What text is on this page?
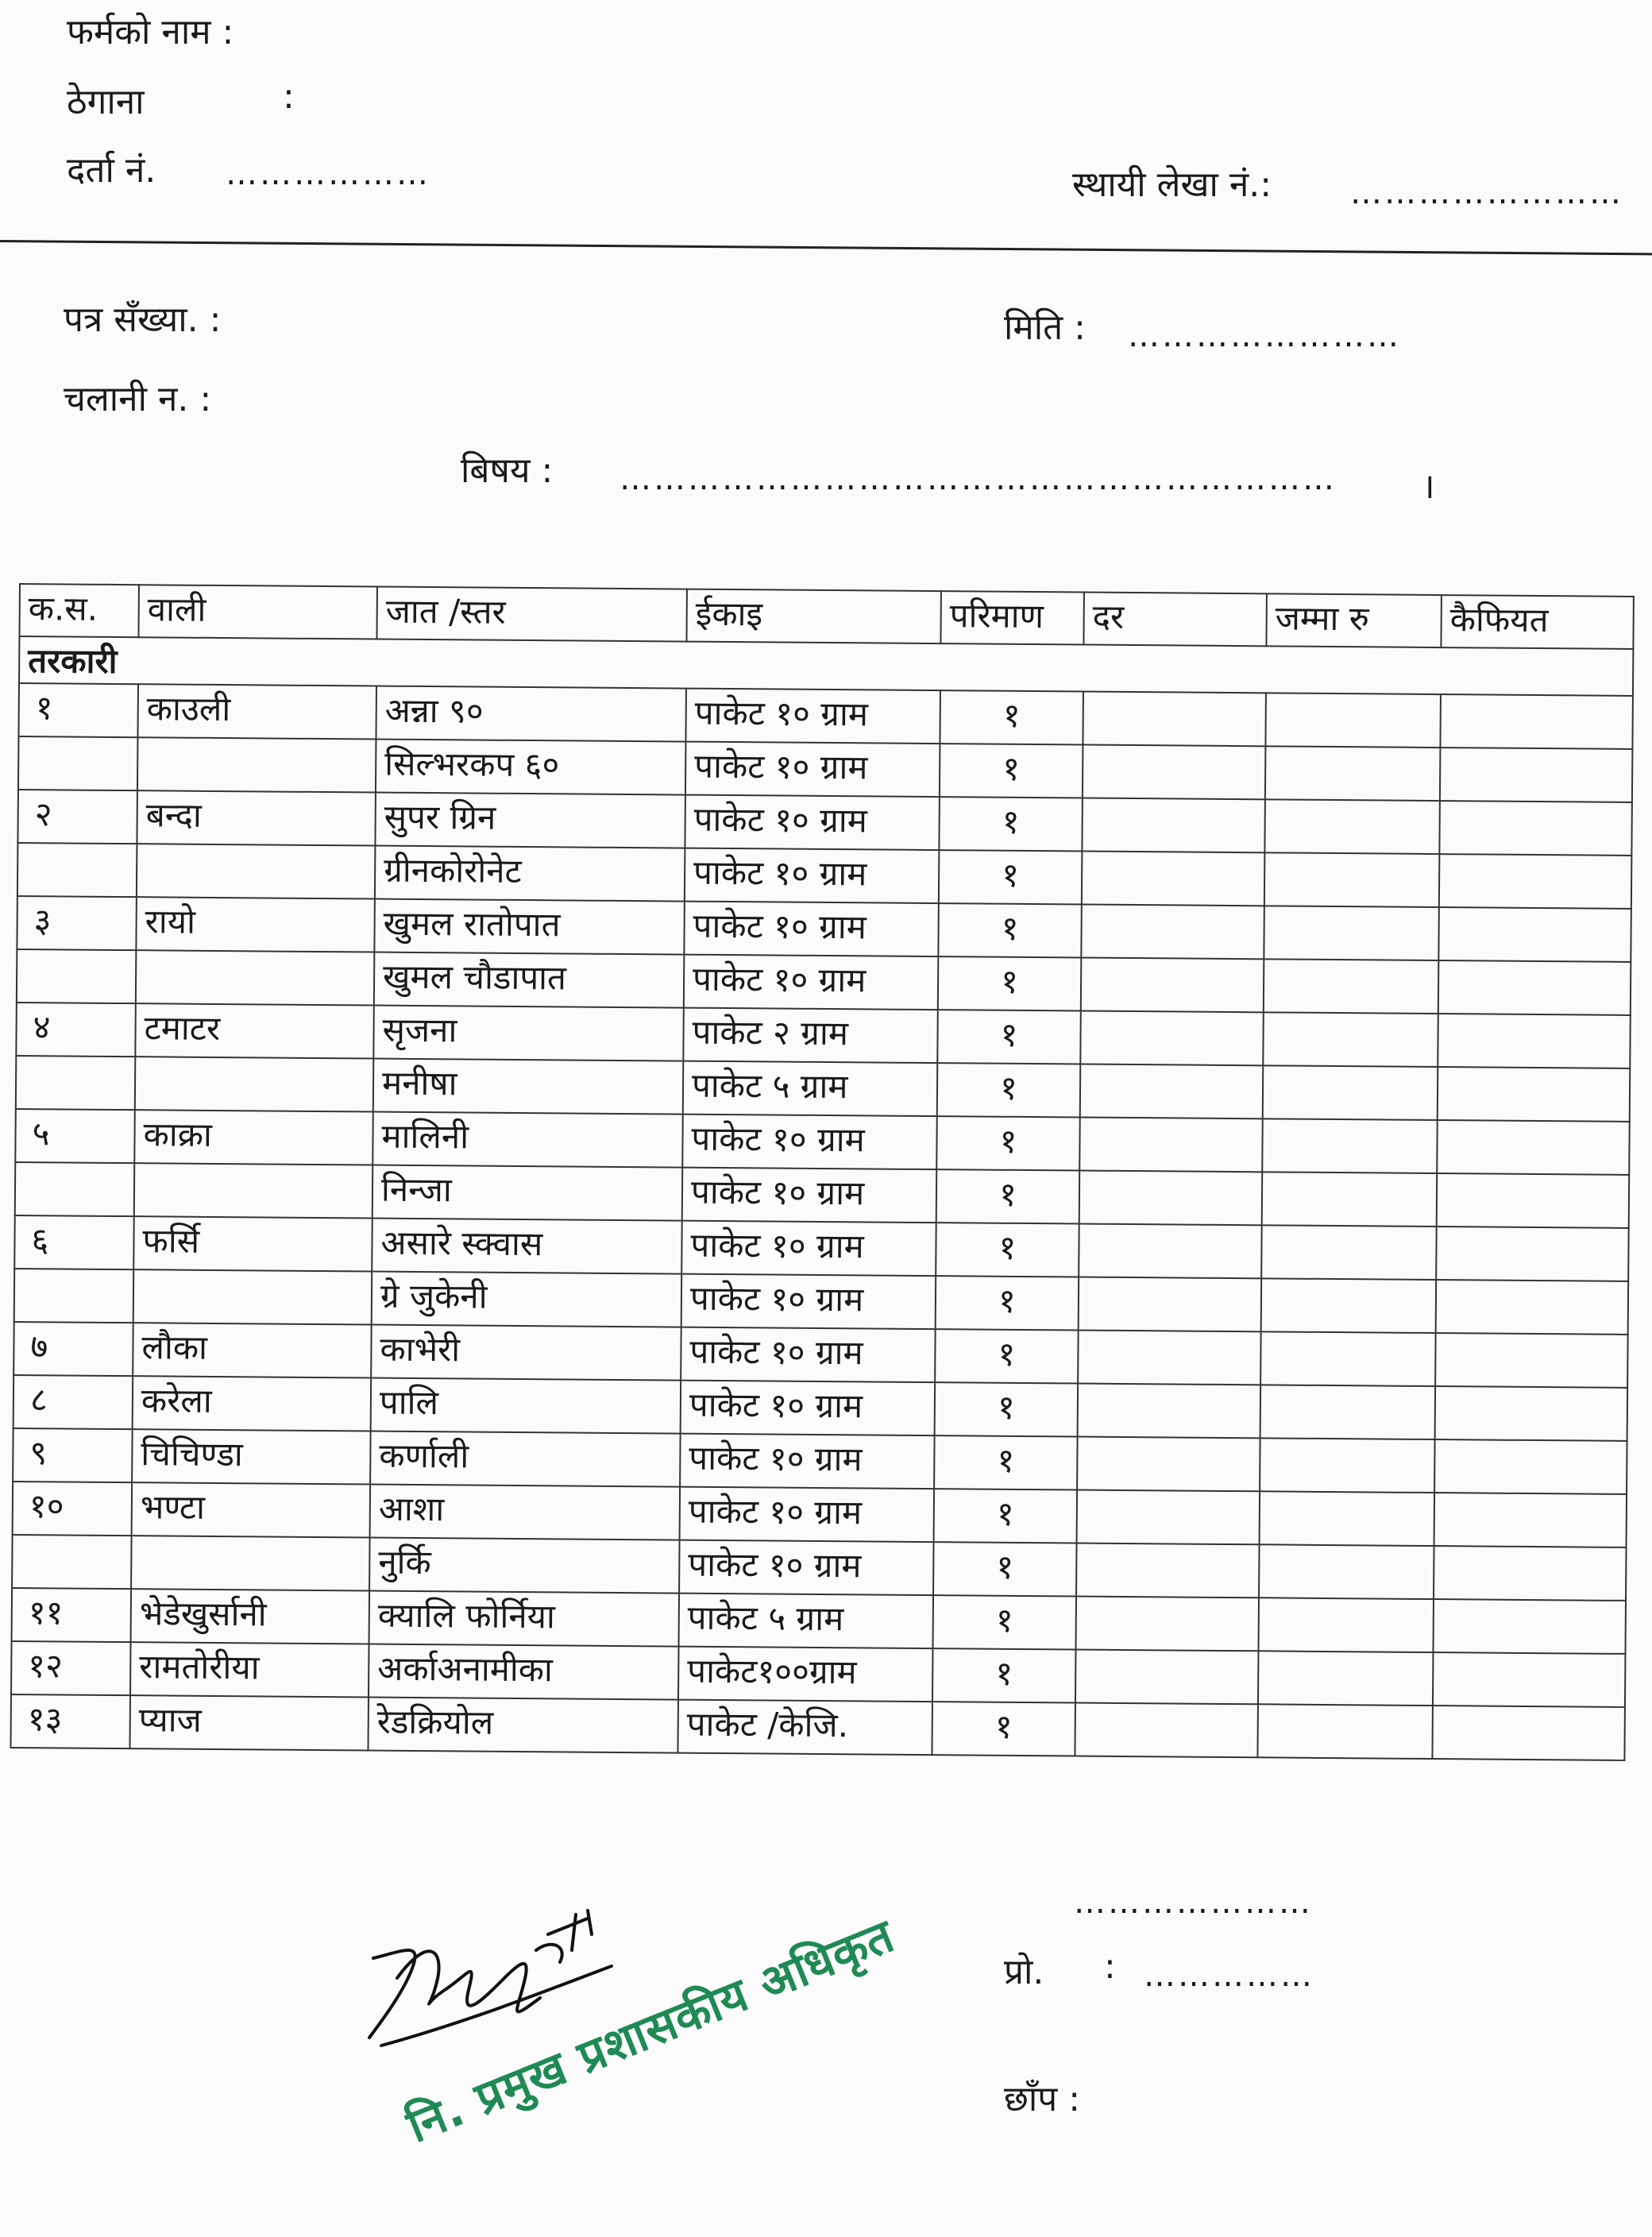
फर्मको नाम :
ठेगाना	:
दर्ता नं. ………………	स्थायी लेखा नं.: ……………………
पत्र सँख्या. :	मिति : ……………………
चलानी न. :
बिषय : ……………………………………………………… ।
क.स.	वाली	जात /स्तर	ईकाइ	परिमाण	दर	जम्मा रु	कैफियत
तरकारी							
१	काउली	अन्ना ९०	पाकेट १० ग्राम	१			
		सिल्भरकप ६०	पाकेट १० ग्राम	१			
२	बन्दा	सुपर ग्रिन	पाकेट १० ग्राम	१			
		ग्रीनकोरोनेट	पाकेट १० ग्राम	१			
३	रायो	खुमल रातोपात	पाकेट १० ग्राम	१			
		खुमल चौडापात	पाकेट १० ग्राम	१			
४	टमाटर	सृजना	पाकेट २ ग्राम	१			
		मनीषा	पाकेट ५ ग्राम	१			
५	काक्रा	मालिनी	पाकेट १० ग्राम	१			
		निन्जा	पाकेट १० ग्राम	१			
६	फर्सि	असारे स्क्वास	पाकेट १० ग्राम	१			
		ग्रे जुकेनी	पाकेट १० ग्राम	१			
७	लौका	काभेरी	पाकेट १० ग्राम	१			
८	करेला	पालि	पाकेट १० ग्राम	१			
९	चिचिण्डा	कर्णाली	पाकेट १० ग्राम	१			
१०	भण्टा	आशा	पाकेट १० ग्राम	१			
		नुर्कि	पाकेट १० ग्राम	१			
११	भेडेखुर्सानी	क्यालि फोर्निया	पाकेट ५ ग्राम	१			
१२	रामतोरीया	अर्काअनामीका	पाकेट१००ग्राम	१			
१३	प्याज	रेडक्रियोल	पाकेट /केजि.	१			
…………………
प्रो. : ……………
छाँप :
नि. प्रमुख प्रशासकीय अधिकृत
